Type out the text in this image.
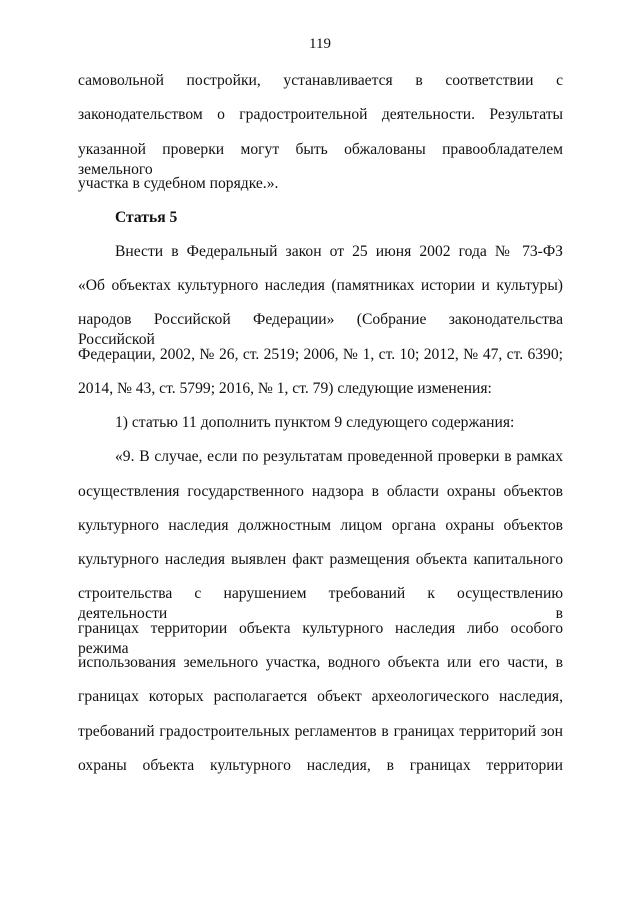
119
самовольной постройки, устанавливается в соответствии с
законодательством о градостроительной деятельности. Результаты
указанной проверки могут быть обжалованы правообладателем земельного
участка в судебном порядке.».
Статья 5
Внести в Федеральный закон от 25 июня 2002 года № 73-ФЗ
«Об объектах культурного наследия (памятниках истории и культуры)
народов Российской Федерации» (Собрание законодательства Российской
Федерации, 2002, № 26, ст. 2519; 2006, № 1, ст. 10; 2012, № 47, ст. 6390;
2014, № 43, ст. 5799; 2016, № 1, ст. 79) следующие изменения:
1) статью 11 дополнить пунктом 9 следующего содержания:
«9. В случае, если по результатам проведенной проверки в рамках
осуществления государственного надзора в области охраны объектов
культурного наследия должностным лицом органа охраны объектов
культурного наследия выявлен факт размещения объекта капитального
строительства с нарушением требований к осуществлению деятельности в
границах территории объекта культурного наследия либо особого режима
использования земельного участка, водного объекта или его части, в
границах которых располагается объект археологического наследия,
требований градостроительных регламентов в границах территорий зон
охраны объекта культурного наследия, в границах территории
